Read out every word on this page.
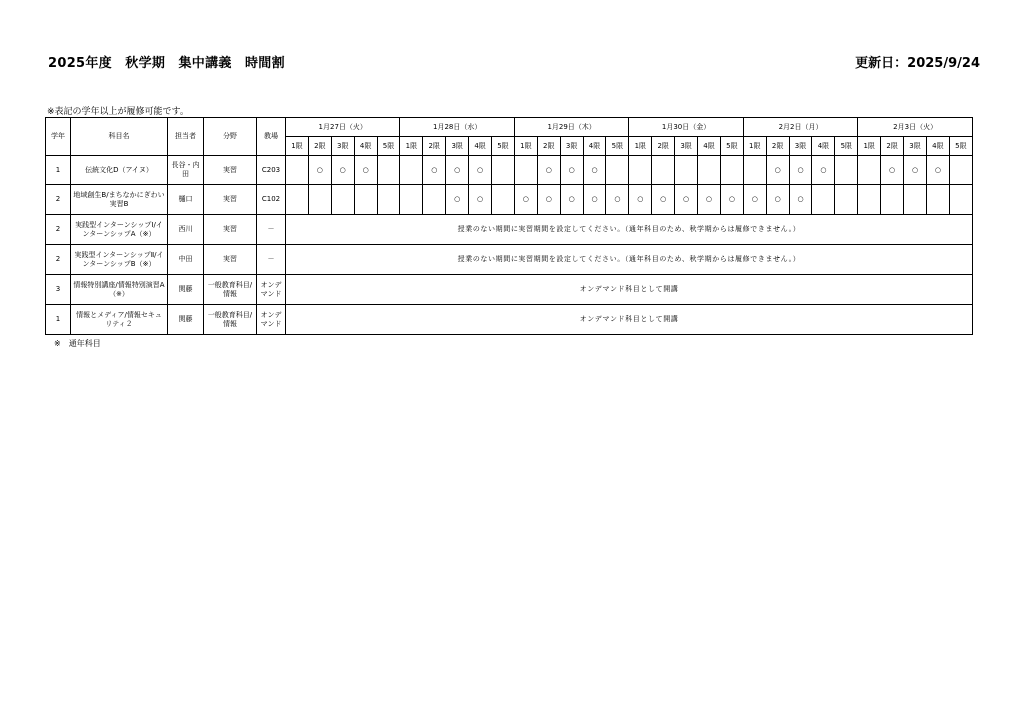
2025年度　秋学期　集中講義　時間割	更新日：2025/9/24
※表記の学年以上が履修可能です。
学年	科目名	担当者	分野	教場	1月27日（火）					1月28日（水）					1月29日（木）					1月30日（金）					2月2日（月）					2月3日（火）				
					1限	2限	3限	4限	5限	1限	2限	3限	4限	5限	1限	2限	3限	4限	5限	1限	2限	3限	4限	5限	1限	2限	3限	4限	5限	1限	2限	3限	4限	5限
1	伝統文化D（アイヌ）	長谷・内田	実習	C203		○	○	○			○	○	○			○	○	○								○	○	○			○	○	○	
2	地域創生B/まちなかにぎわい実習B	樋口	実習	C102								○	○		○	○	○	○	○	○	○	○	○	○	○	○	○							
2	実践型インターンシップⅠ/インターンシップA（※）	西川	実習	－	授業のない期間に実習期間を設定してください。（通年科目のため、秋学期からは履修できません。）																													
2	実践型インターンシップⅡ/インターンシップB（※）	中田	実習	－	授業のない期間に実習期間を設定してください。（通年科目のため、秋学期からは履修できません。）																													
3	情報特別講座/情報特別演習A（※）	関藤	一般教育科目/情報	オンデマンド	オンデマンド科目として開講																													
1	情報とメディア/情報セキュリティ２	関藤	一般教育科目/情報	オンデマンド	オンデマンド科目として開講																													
※　通年科目
